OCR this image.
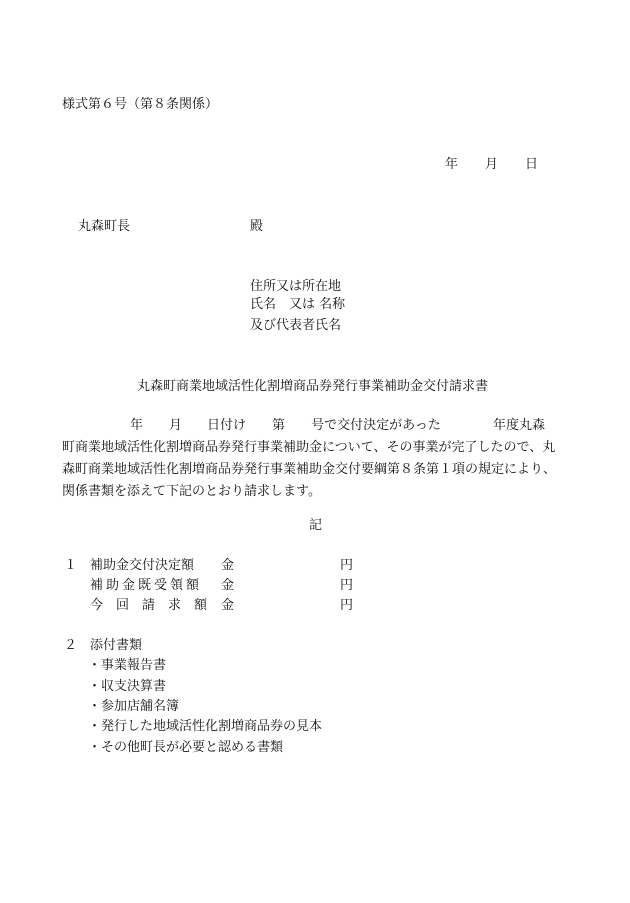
様式第６号（第８条関係）
年 月 日
丸森町長	殿
住所又は所在地
氏名　又は 名称
及び代表者氏名
丸森町商業地域活性化割増商品券発行事業補助金交付請求書
年 月 日付け 第 号で交付決定があった	年度丸森
町商業地域活性化割増商品券発行事業補助金について、その事業が完了したので、丸
森町商業地域活性化割増商品券発行事業補助金交付要綱第８条第１項の規定により、
関係書類を添えて下記のとおり請求します。
記
１ 補助金交付決定額 金	円
補助金既受領額 金	円
今　回　請　求　額 金	円
２ 添付書類
・事業報告書
・収支決算書
・参加店舗名簿
・発行した地域活性化割増商品券の見本
・その他町長が必要と認める書類
